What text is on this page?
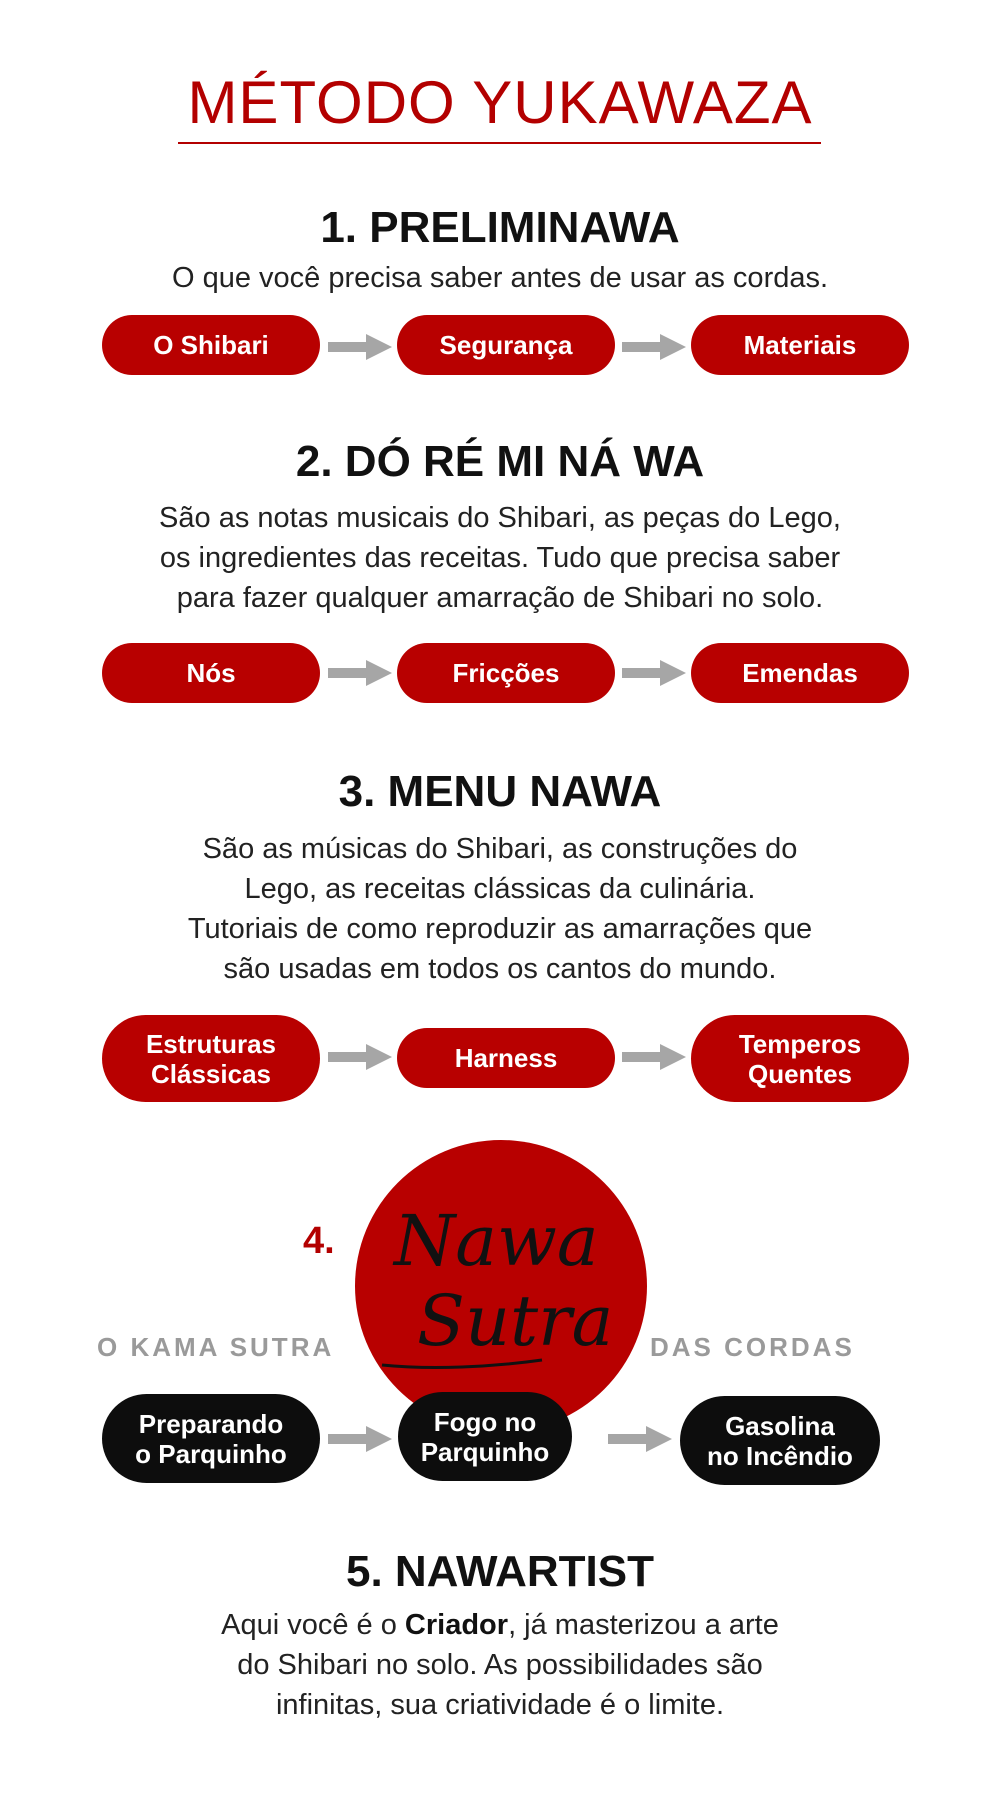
MÉTODO YUKAWAZA
1. PRELIMINAWA
O que você precisa saber antes de usar as cordas.
O Shibari	Segurança	Materiais
2. DÓ RÉ MI NÁ WA
São as notas musicais do Shibari, as peças do Lego,
os ingredientes das receitas. Tudo que precisa saber
para fazer qualquer amarração de Shibari no solo.
Nós	Fricções	Emendas
3. MENU NAWA
São as músicas do Shibari, as construções do
Lego, as receitas clássicas da culinária.
Tutoriais de como reproduzir as amarrações que
são usadas em todos os cantos do mundo.
Estruturas
Clássicas
Harness	Temperos
Quentes
Nawa
Sutra
4.
O KAMA SUTRA	DAS CORDAS
Preparando
o Parquinho
Fogo no
Parquinho
Gasolina
no Incêndio
5. NAWARTIST
Aqui você é o Criador, já masterizou a arte
do Shibari no solo. As possibilidades são
infinitas, sua criatividade é o limite.
